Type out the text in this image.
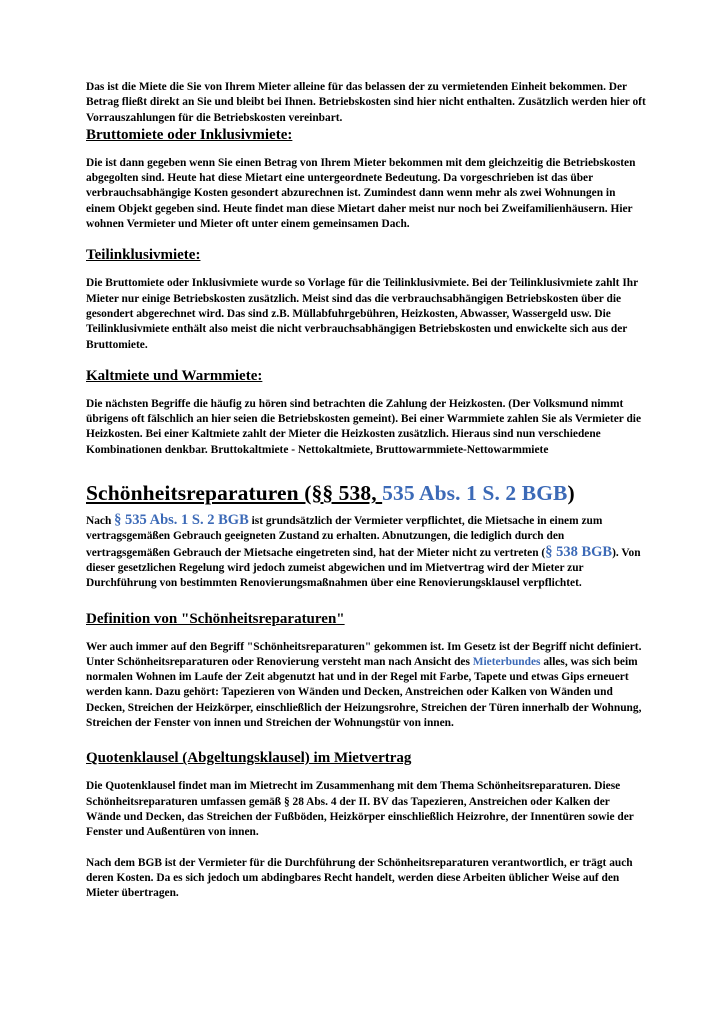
Das ist die Miete die Sie von Ihrem Mieter alleine für das belassen der zu vermietenden Einheit bekommen. Der Betrag fließt direkt an Sie und bleibt bei Ihnen. Betriebskosten sind hier nicht enthalten. Zusätzlich werden hier oft Vorrauszahlungen für die Betriebskosten vereinbart.

Bruttomiete oder Inklusivmiete:

Die ist dann gegeben wenn Sie einen Betrag von Ihrem Mieter bekommen mit dem gleichzeitig die Betriebskosten abgegolten sind. Heute hat diese Mietart eine untergeordnete Bedeutung. Da vorgeschrieben ist das über verbrauchsabhängige Kosten gesondert abzurechnen ist. Zumindest dann wenn mehr als zwei Wohnungen in einem Objekt gegeben sind. Heute findet man diese Mietart daher meist nur noch bei Zweifamilienhäusern. Hier wohnen Vermieter und Mieter oft unter einem gemeinsamen Dach.

Teilinklusivmiete:

Die Bruttomiete oder Inklusivmiete wurde so Vorlage für die Teilinklusivmiete. Bei der Teilinklusivmiete zahlt Ihr Mieter nur einige Betriebskosten zusätzlich. Meist sind das die verbrauchsabhängigen Betriebskosten über die gesondert abgerechnet wird. Das sind z.B. Müllabfuhrgebühren, Heizkosten, Abwasser, Wassergeld usw. Die Teilinklusivmiete enthält also meist die nicht verbrauchsabhängigen Betriebskosten und enwickelte sich aus der Bruttomiete.

Kaltmiete und Warmmiete:

Die nächsten Begriffe die häufig zu hören sind betrachten die Zahlung der Heizkosten. (Der Volksmund nimmt übrigens oft fälschlich an hier seien die Betriebskosten gemeint). Bei einer Warmmiete zahlen Sie als Vermieter die Heizkosten. Bei einer Kaltmiete zahlt der Mieter die Heizkosten zusätzlich. Hieraus sind nun verschiedene Kombinationen denkbar. Bruttokaltmiete - Nettokaltmiete, Bruttowarmmiete-Nettowarmmiete

Schönheitsreparaturen (§§ 538, 535 Abs. 1 S. 2 BGB)

Nach § 535 Abs. 1 S. 2 BGB ist grundsätzlich der Vermieter verpflichtet, die Mietsache in einem zum vertragsgemäßen Gebrauch geeigneten Zustand zu erhalten. Abnutzungen, die lediglich durch den vertragsgemäßen Gebrauch der Mietsache eingetreten sind, hat der Mieter nicht zu vertreten (§ 538 BGB). Von dieser gesetzlichen Regelung wird jedoch zumeist abgewichen und im Mietvertrag wird der Mieter zur Durchführung von bestimmten Renovierungsmaßnahmen über eine Renovierungsklausel verpflichtet.

Definition von "Schönheitsreparaturen"

Wer auch immer auf den Begriff "Schönheitsreparaturen" gekommen ist. Im Gesetz ist der Begriff nicht definiert. Unter Schönheitsreparaturen oder Renovierung versteht man nach Ansicht des Mieterbundes alles, was sich beim normalen Wohnen im Laufe der Zeit abgenutzt hat und in der Regel mit Farbe, Tapete und etwas Gips erneuert werden kann. Dazu gehört: Tapezieren von Wänden und Decken, Anstreichen oder Kalken von Wänden und Decken, Streichen der Heizkörper, einschließlich der Heizungsrohre, Streichen der Türen innerhalb der Wohnung, Streichen der Fenster von innen und Streichen der Wohnungstür von innen.

Quotenklausel (Abgeltungsklausel) im Mietvertrag

Die Quotenklausel findet man im Mietrecht im Zusammenhang mit dem Thema Schönheitsreparaturen. Diese Schönheitsreparaturen umfassen gemäß § 28 Abs. 4 der II. BV das Tapezieren, Anstreichen oder Kalken der Wände und Decken, das Streichen der Fußböden, Heizkörper einschließlich Heizrohre, der Innentüren sowie der Fenster und Außentüren von innen.

Nach dem BGB ist der Vermieter für die Durchführung der Schönheitsreparaturen verantwortlich, er trägt auch deren Kosten. Da es sich jedoch um abdingbares Recht handelt, werden diese Arbeiten üblicher Weise auf den Mieter übertragen.
